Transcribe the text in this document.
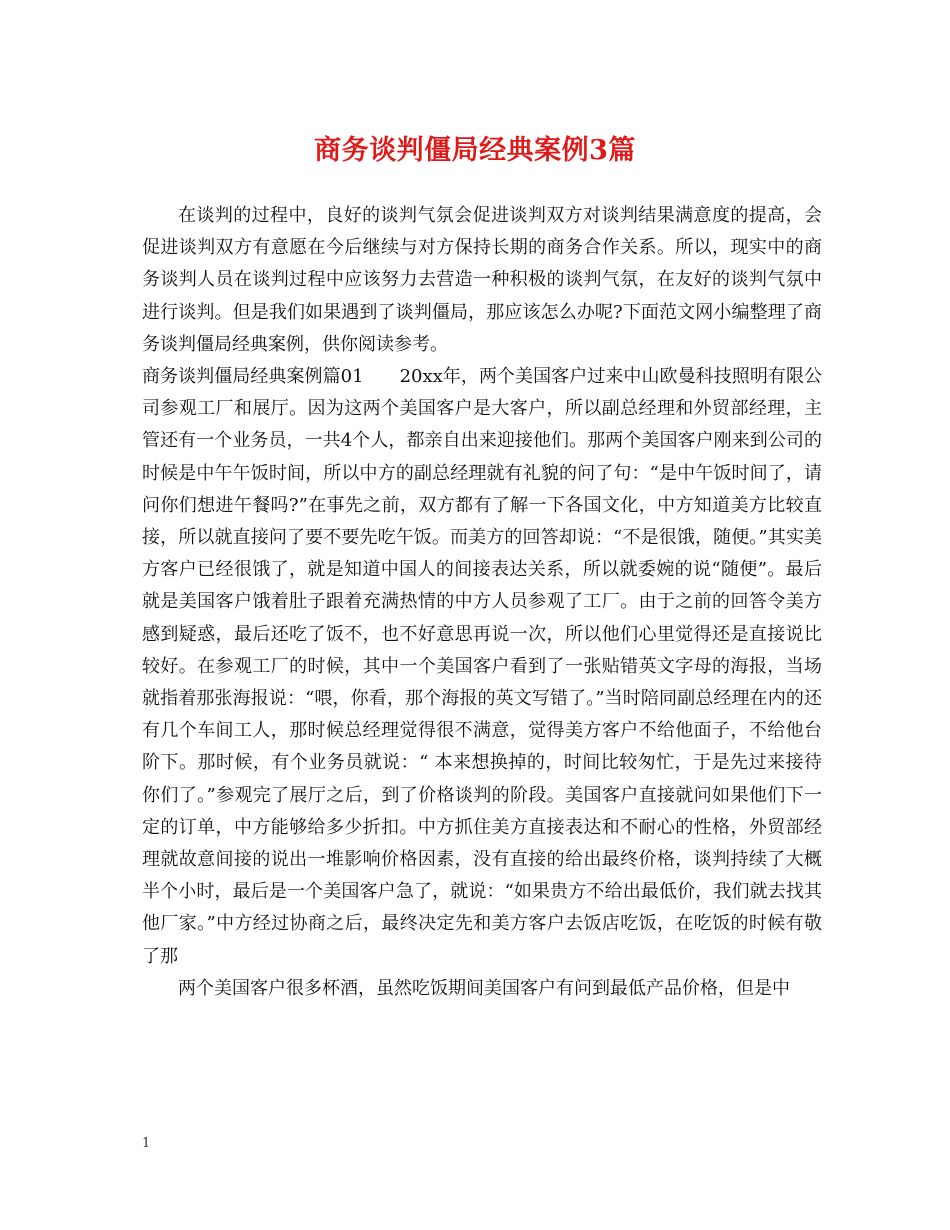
商务谈判僵局经典案例3篇

在谈判的过程中，良好的谈判气氛会促进谈判双方对谈判结果满意度的提高，会促进谈判双方有意愿在今后继续与对方保持长期的商务合作关系。所以，现实中的商务谈判人员在谈判过程中应该努力去营造一种积极的谈判气氛，在友好的谈判气氛中进行谈判。但是我们如果遇到了谈判僵局，那应该怎么办呢?下面范文网小编整理了商务谈判僵局经典案例，供你阅读参考。

商务谈判僵局经典案例篇01 20xx年，两个美国客户过来中山欧曼科技照明有限公司参观工厂和展厅。因为这两个美国客户是大客户，所以副总经理和外贸部经理，主管还有一个业务员，一共4个人，都亲自出来迎接他们。那两个美国客户刚来到公司的时候是中午午饭时间，所以中方的副总经理就有礼貌的问了句：“是中午饭时间了，请问你们想进午餐吗?”在事先之前，双方都有了解一下各国文化，中方知道美方比较直接，所以就直接问了要不要先吃午饭。而美方的回答却说：“不是很饿，随便。”其实美方客户已经很饿了，就是知道中国人的间接表达关系，所以就委婉的说“随便”。最后就是美国客户饿着肚子跟着充满热情的中方人员参观了工厂。由于之前的回答令美方感到疑惑，最后还吃了饭不，也不好意思再说一次，所以他们心里觉得还是直接说比较好。在参观工厂的时候，其中一个美国客户看到了一张贴错英文字母的海报，当场就指着那张海报说：“喂，你看，那个海报的英文写错了。”当时陪同副总经理在内的还有几个车间工人，那时候总经理觉得很不满意，觉得美方客户不给他面子，不给他台阶下。那时候，有个业务员就说：“ 本来想换掉的，时间比较匆忙，于是先过来接待你们了。”参观完了展厅之后，到了价格谈判的阶段。美国客户直接就问如果他们下一定的订单，中方能够给多少折扣。中方抓住美方直接表达和不耐心的性格，外贸部经理就故意间接的说出一堆影响价格因素，没有直接的给出最终价格，谈判持续了大概半个小时，最后是一个美国客户急了，就说：“如果贵方不给出最低价，我们就去找其他厂家。”中方经过协商之后，最终决定先和美方客户去饭店吃饭，在吃饭的时候有敬了那

两个美国客户很多杯酒，虽然吃饭期间美国客户有问到最低产品价格，但是中

1
